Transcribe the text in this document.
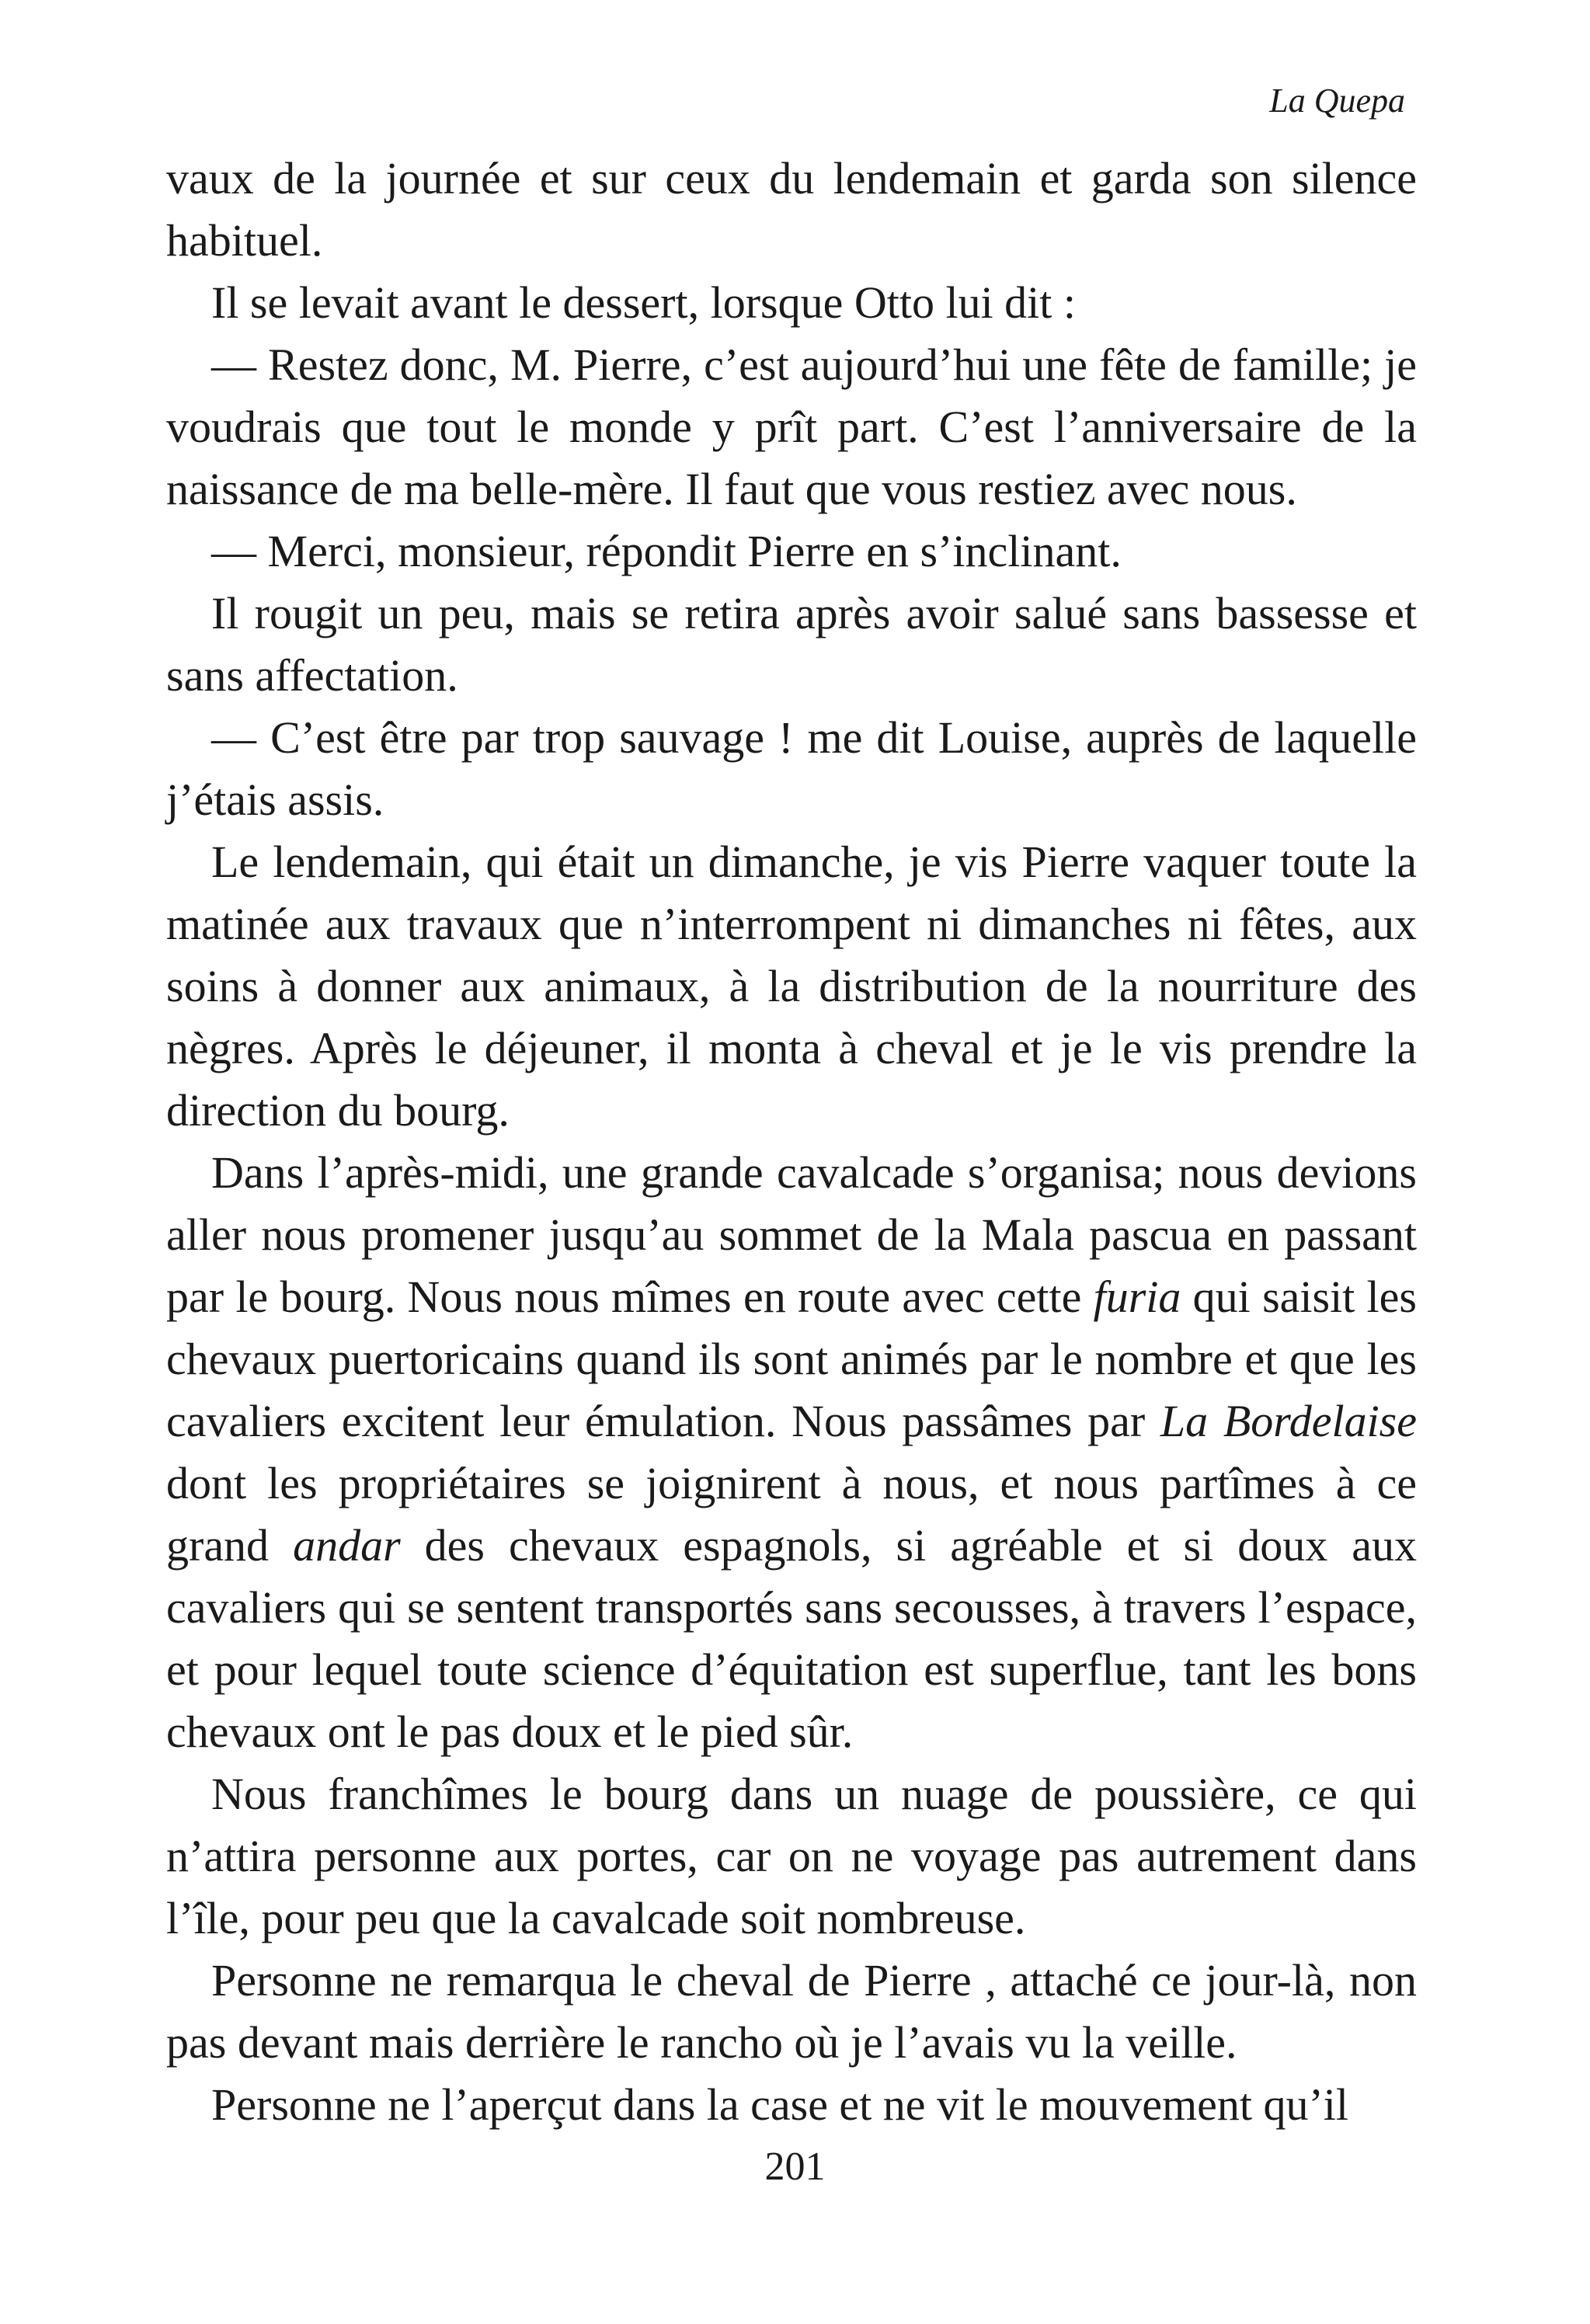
La Quepa

vaux de la journée et sur ceux du lendemain et garda son silence habituel.

Il se levait avant le dessert, lorsque Otto lui dit :

— Restez donc, M. Pierre, c’est aujourd’hui une fête de famille; je voudrais que tout le monde y prît part. C’est l’anniversaire de la naissance de ma belle-mère. Il faut que vous restiez avec nous.

— Merci, monsieur, répondit Pierre en s’inclinant.

Il rougit un peu, mais se retira après avoir salué sans bassesse et sans affectation.

— C’est être par trop sauvage ! me dit Louise, auprès de laquelle j’étais assis.

Le lendemain, qui était un dimanche, je vis Pierre vaquer toute la matinée aux travaux que n’interrompent ni dimanches ni fêtes, aux soins à donner aux animaux, à la distribution de la nourriture des nègres. Après le déjeuner, il monta à cheval et je le vis prendre la direction du bourg.

Dans l’après-midi, une grande cavalcade s’organisa; nous devions aller nous promener jusqu’au sommet de la Mala pascua en passant par le bourg. Nous nous mîmes en route avec cette furia qui saisit les chevaux puertoricains quand ils sont animés par le nombre et que les cavaliers excitent leur émulation. Nous passâmes par La Bordelaise dont les propriétaires se joignirent à nous, et nous partîmes à ce grand andar des chevaux espagnols, si agréable et si doux aux cavaliers qui se sentent transportés sans secousses, à travers l’espace, et pour lequel toute science d’équitation est superflue, tant les bons chevaux ont le pas doux et le pied sûr.

Nous franchîmes le bourg dans un nuage de poussière, ce qui n’attira personne aux portes, car on ne voyage pas autrement dans l’île, pour peu que la cavalcade soit nombreuse.

Personne ne remarqua le cheval de Pierre , attaché ce jour-là, non pas devant mais derrière le rancho où je l’avais vu la veille.

Personne ne l’aperçut dans la case et ne vit le mouvement qu’il

201
